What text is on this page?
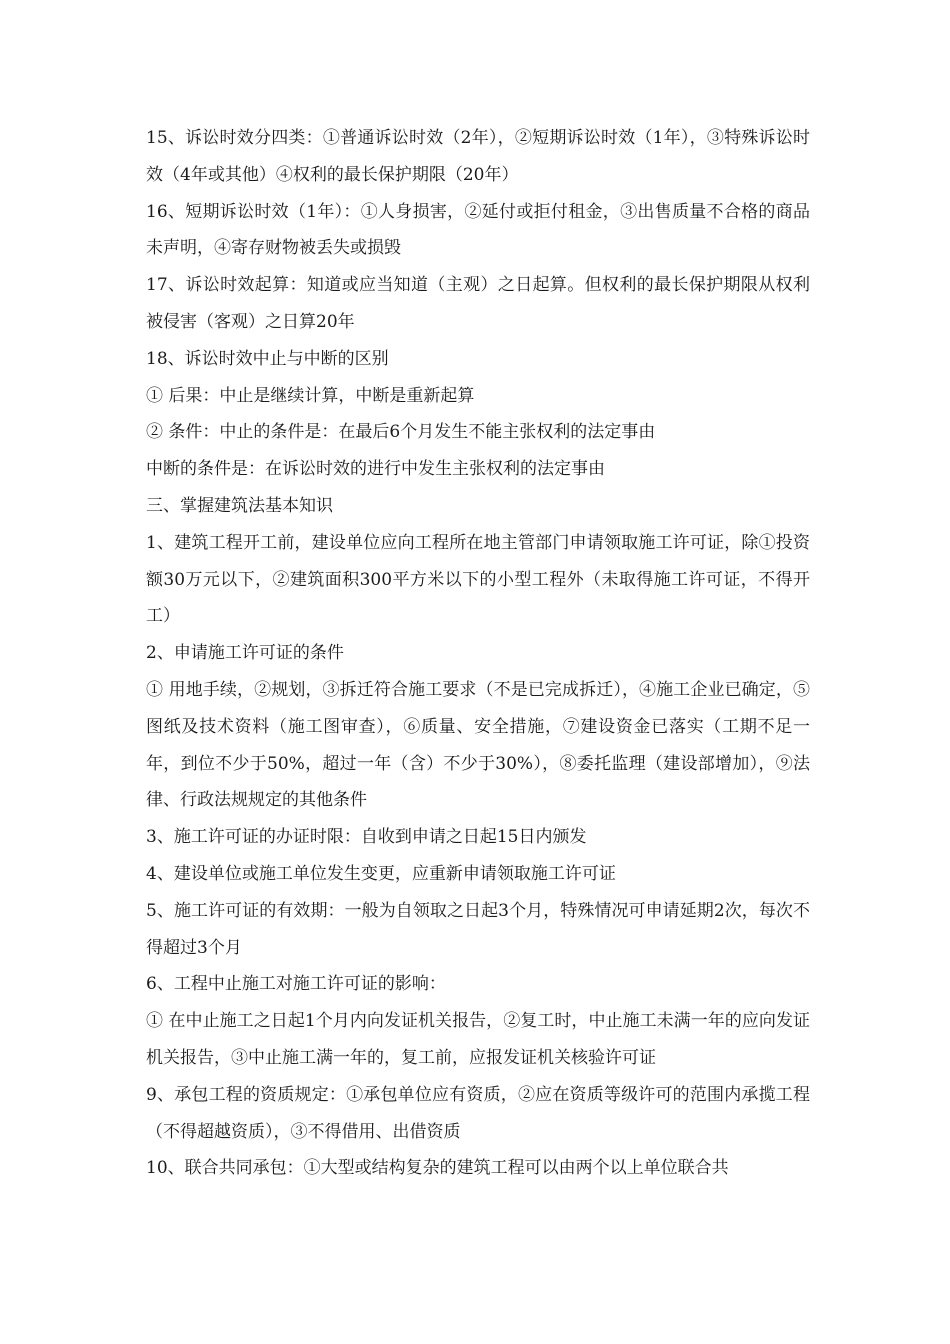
15、诉讼时效分四类：①普通诉讼时效（2年），②短期诉讼时效（1年），③特殊诉讼时效（4年或其他）④权利的最长保护期限（20年）

16、短期诉讼时效（1年）：①人身损害，②延付或拒付租金，③出售质量不合格的商品未声明，④寄存财物被丢失或损毁

17、诉讼时效起算：知道或应当知道（主观）之日起算。但权利的最长保护期限从权利被侵害（客观）之日算20年

18、诉讼时效中止与中断的区别

① 后果：中止是继续计算，中断是重新起算

② 条件：中止的条件是：在最后6个月发生不能主张权利的法定事由

中断的条件是：在诉讼时效的进行中发生主张权利的法定事由

三、掌握建筑法基本知识

1、建筑工程开工前，建设单位应向工程所在地主管部门申请领取施工许可证，除①投资额30万元以下，②建筑面积300平方米以下的小型工程外（未取得施工许可证，不得开工）

2、申请施工许可证的条件

① 用地手续，②规划，③拆迁符合施工要求（不是已完成拆迁），④施工企业已确定，⑤图纸及技术资料（施工图审查），⑥质量、安全措施，⑦建设资金已落实（工期不足一年，到位不少于50%，超过一年（含）不少于30%），⑧委托监理（建设部增加），⑨法律、行政法规规定的其他条件

3、施工许可证的办证时限：自收到申请之日起15日内颁发

4、建设单位或施工单位发生变更，应重新申请领取施工许可证

5、施工许可证的有效期：一般为自领取之日起3个月，特殊情况可申请延期2次，每次不得超过3个月

6、工程中止施工对施工许可证的影响：

① 在中止施工之日起1个月内向发证机关报告，②复工时，中止施工未满一年的应向发证机关报告，③中止施工满一年的，复工前，应报发证机关核验许可证

9、承包工程的资质规定：①承包单位应有资质，②应在资质等级许可的范围内承揽工程（不得超越资质），③不得借用、出借资质

10、联合共同承包：①大型或结构复杂的建筑工程可以由两个以上单位联合共
